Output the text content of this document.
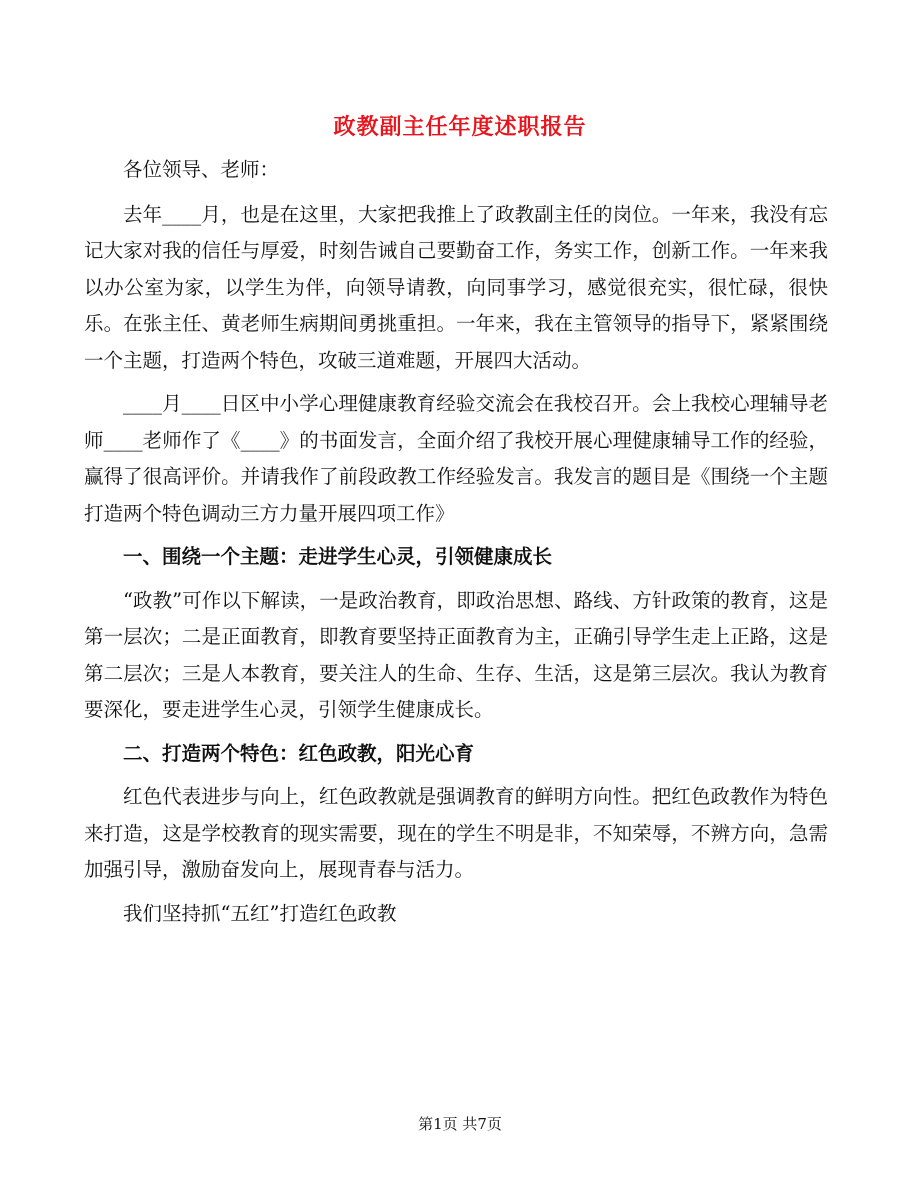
政教副主任年度述职报告

各位领导、老师：

去年____月，也是在这里，大家把我推上了政教副主任的岗位。一年来，我没有忘记大家对我的信任与厚爱，时刻告诫自己要勤奋工作，务实工作，创新工作。一年来我以办公室为家，以学生为伴，向领导请教，向同事学习，感觉很充实，很忙碌，很快乐。在张主任、黄老师生病期间勇挑重担。一年来，我在主管领导的指导下，紧紧围绕一个主题，打造两个特色，攻破三道难题，开展四大活动。

____月____日区中小学心理健康教育经验交流会在我校召开。会上我校心理辅导老师____老师作了《____》的书面发言，全面介绍了我校开展心理健康辅导工作的经验，赢得了很高评价。并请我作了前段政教工作经验发言。我发言的题目是《围绕一个主题打造两个特色调动三方力量开展四项工作》

一、围绕一个主题：走进学生心灵，引领健康成长

“政教”可作以下解读，一是政治教育，即政治思想、路线、方针政策的教育，这是第一层次；二是正面教育，即教育要坚持正面教育为主，正确引导学生走上正路，这是第二层次；三是人本教育，要关注人的生命、生存、生活，这是第三层次。我认为教育要深化，要走进学生心灵，引领学生健康成长。

二、打造两个特色：红色政教，阳光心育

红色代表进步与向上，红色政教就是强调教育的鲜明方向性。把红色政教作为特色来打造，这是学校教育的现实需要，现在的学生不明是非，不知荣辱，不辨方向，急需加强引导，激励奋发向上，展现青春与活力。

我们坚持抓“五红”打造红色政教

第1页 共7页
